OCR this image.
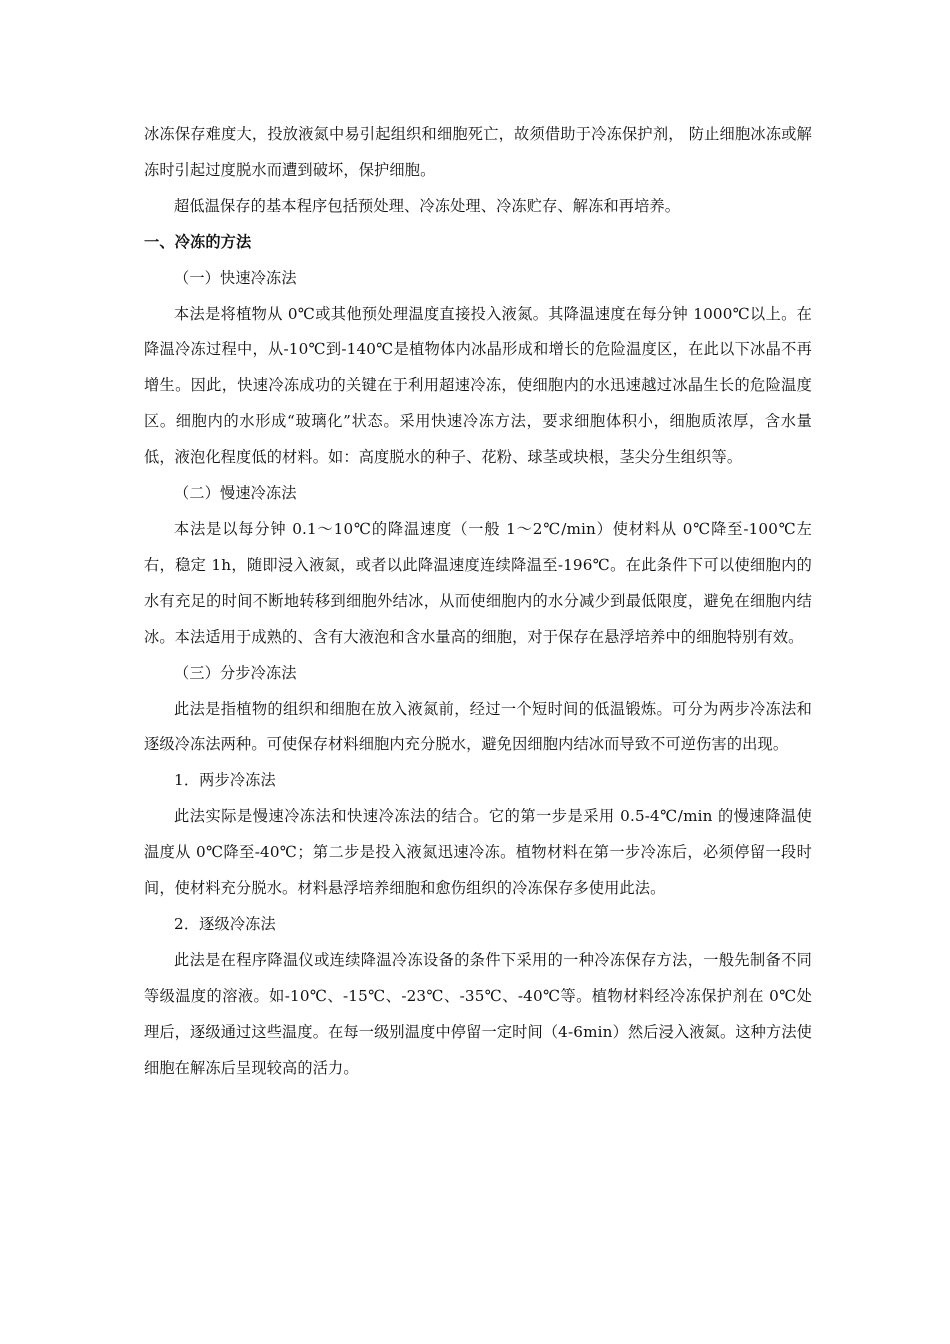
冰冻保存难度大，投放液氮中易引起组织和细胞死亡，故须借助于冷冻保护剂， 防止细胞冰冻或解冻时引起过度脱水而遭到破坏，保护细胞。

超低温保存的基本程序包括预处理、冷冻处理、冷冻贮存、解冻和再培养。

一、冷冻的方法

（一）快速冷冻法

本法是将植物从 0℃或其他预处理温度直接投入液氮。其降温速度在每分钟 1000℃以上。在降温冷冻过程中，从-10℃到-140℃是植物体内冰晶形成和增长的危险温度区，在此以下冰晶不再增生。因此，快速冷冻成功的关键在于利用超速冷冻，使细胞内的水迅速越过冰晶生长的危险温度区。细胞内的水形成“玻璃化”状态。采用快速冷冻方法，要求细胞体积小，细胞质浓厚，含水量低，液泡化程度低的材料。如：高度脱水的种子、花粉、球茎或块根，茎尖分生组织等。

（二）慢速冷冻法

本法是以每分钟 0.1～10℃的降温速度（一般 1～2℃/min）使材料从 0℃降至-100℃左右，稳定 1h，随即浸入液氮，或者以此降温速度连续降温至-196℃。在此条件下可以使细胞内的水有充足的时间不断地转移到细胞外结冰，从而使细胞内的水分减少到最低限度，避免在细胞内结冰。本法适用于成熟的、含有大液泡和含水量高的细胞，对于保存在悬浮培养中的细胞特别有效。

（三）分步冷冻法

此法是指植物的组织和细胞在放入液氮前，经过一个短时间的低温锻炼。可分为两步冷冻法和逐级冷冻法两种。可使保存材料细胞内充分脱水，避免因细胞内结冰而导致不可逆伤害的出现。

1．两步冷冻法

此法实际是慢速冷冻法和快速冷冻法的结合。它的第一步是采用 0.5-4℃/min 的慢速降温使温度从 0℃降至-40℃；第二步是投入液氮迅速冷冻。植物材料在第一步冷冻后，必须停留一段时间，使材料充分脱水。材料悬浮培养细胞和愈伤组织的冷冻保存多使用此法。

2．逐级冷冻法

此法是在程序降温仪或连续降温冷冻设备的条件下采用的一种冷冻保存方法，一般先制备不同等级温度的溶液。如-10℃、-15℃、-23℃、-35℃、-40℃等。植物材料经冷冻保护剂在 0℃处理后，逐级通过这些温度。在每一级别温度中停留一定时间（4-6min）然后浸入液氮。这种方法使细胞在解冻后呈现较高的活力。
